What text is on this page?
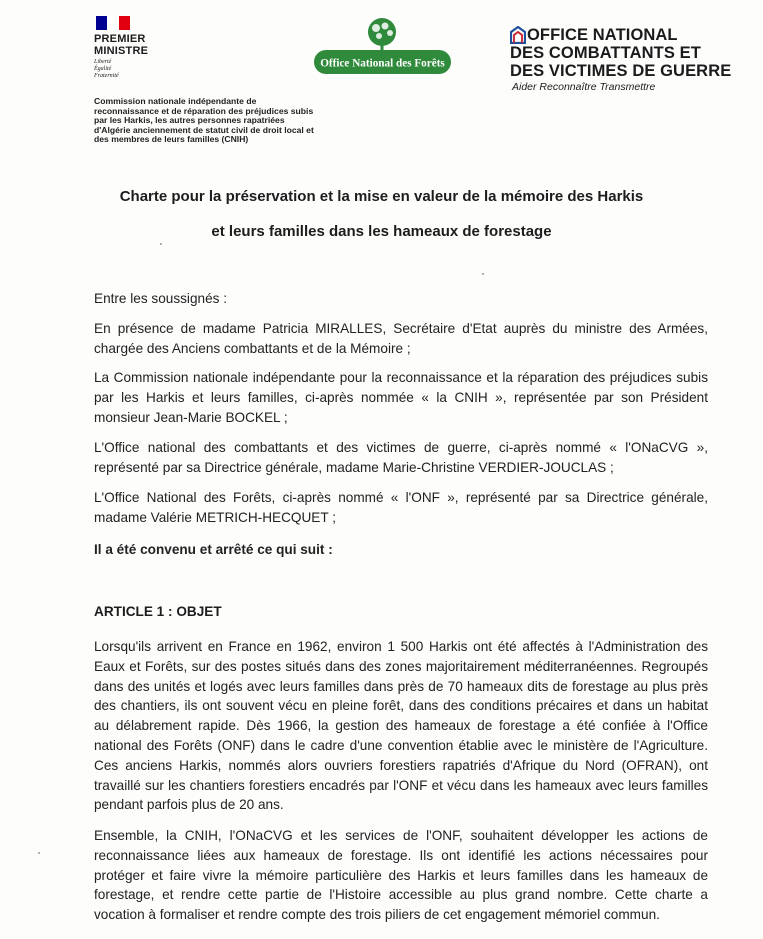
PREMIER
MINISTRE
Liberté
Égalité
Fraternité
Commission nationale indépendante de reconnaissance et de réparation des préjudices subis par les Harkis, les autres personnes rapatriées d'Algérie anciennement de statut civil de droit local et des membres de leurs familles (CNIH)
Office National des Forêts
OFFICE NATIONAL
DES COMBATTANTS ET
DES VICTIMES DE GUERRE
Aider Reconnaître Transmettre
Charte pour la préservation et la mise en valeur de la mémoire des Harkis
et leurs familles dans les hameaux de forestage
Entre les soussignés :
En présence de madame Patricia MIRALLES, Secrétaire d'Etat auprès du ministre des Armées, chargée des Anciens combattants et de la Mémoire ;
La Commission nationale indépendante pour la reconnaissance et la réparation des préjudices subis par les Harkis et leurs familles, ci-après nommée « la CNIH », représentée par son Président monsieur Jean-Marie BOCKEL ;
L'Office national des combattants et des victimes de guerre, ci-après nommé « l'ONaCVG », représenté par sa Directrice générale, madame Marie-Christine VERDIER-JOUCLAS ;
L'Office National des Forêts, ci-après nommé « l'ONF », représenté par sa Directrice générale, madame Valérie METRICH-HECQUET ;
Il a été convenu et arrêté ce qui suit :
ARTICLE 1 : OBJET
Lorsqu'ils arrivent en France en 1962, environ 1 500 Harkis ont été affectés à l'Administration des Eaux et Forêts, sur des postes situés dans des zones majoritairement méditerranéennes. Regroupés dans des unités et logés avec leurs familles dans près de 70 hameaux dits de forestage au plus près des chantiers, ils ont souvent vécu en pleine forêt, dans des conditions précaires et dans un habitat au délabrement rapide. Dès 1966, la gestion des hameaux de forestage a été confiée à l'Office national des Forêts (ONF) dans le cadre d'une convention établie avec le ministère de l'Agriculture. Ces anciens Harkis, nommés alors ouvriers forestiers rapatriés d'Afrique du Nord (OFRAN), ont travaillé sur les chantiers forestiers encadrés par l'ONF et vécu dans les hameaux avec leurs familles pendant parfois plus de 20 ans.
Ensemble, la CNIH, l'ONaCVG et les services de l'ONF, souhaitent développer les actions de reconnaissance liées aux hameaux de forestage. Ils ont identifié les actions nécessaires pour protéger et faire vivre la mémoire particulière des Harkis et leurs familles dans les hameaux de forestage, et rendre cette partie de l'Histoire accessible au plus grand nombre. Cette charte a vocation à formaliser et rendre compte des trois piliers de cet engagement mémoriel commun.
